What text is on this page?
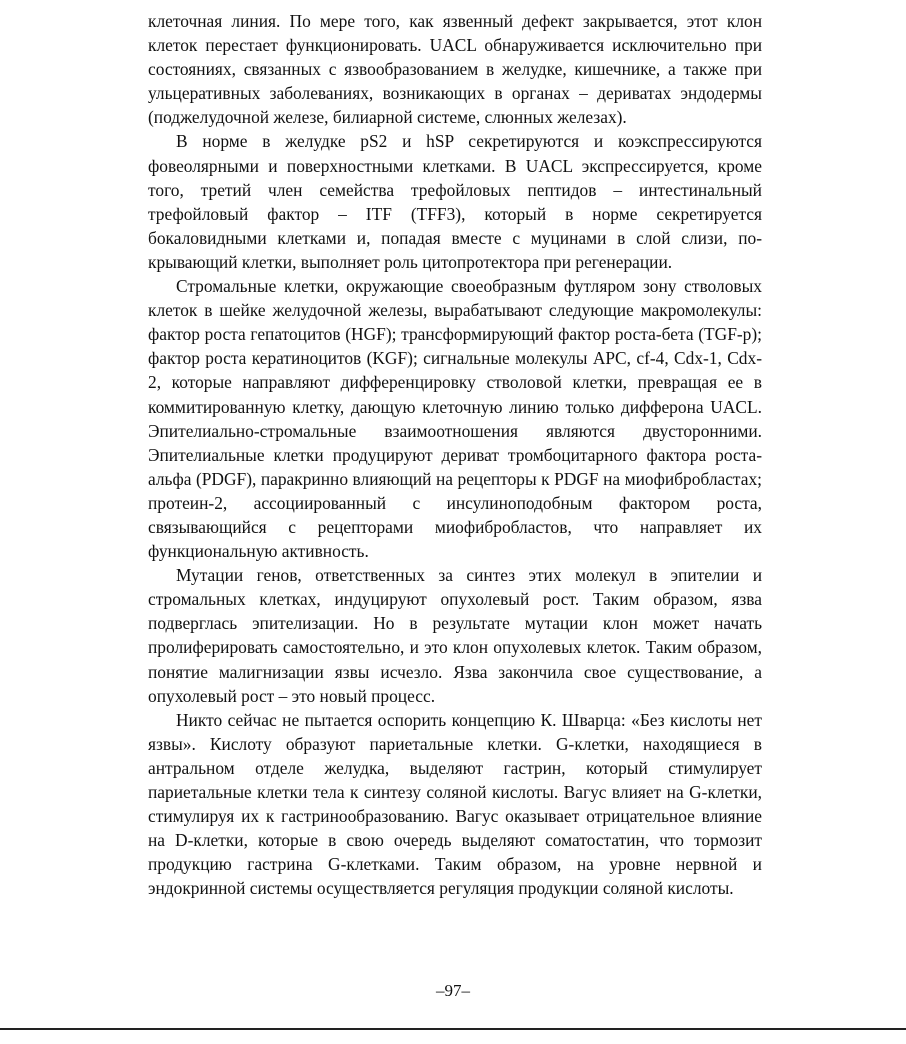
клеточная линия. По мере того, как язвенный дефект закрывается, этот клон клеток перестает функционировать. UACL обнаруживается исключительно при состояниях, связанных с язвообразованием в желудке, кишечнике, а также при ульцеративных заболеваниях, возникающих в органах – дериватах эндодермы (поджелудочной железе, билиарной системе, слюнных железах).

В норме в желудке pS2 и hSP секретируются и коэкспрессируются фовеолярными и поверхностными клетками. В UACL экспрессируется, кроме того, третий член семейства трефойловых пептидов – интестинальный трефойловый фактор – ITF (TFF3), который в норме секретируется бокаловидными клетками и, попадая вместе с муцинами в слой слизи, покрывающий клетки, выполняет роль цитопротектора при регенерации.

Стромальные клетки, окружающие своеобразным футляром зону стволовых клеток в шейке желудочной железы, вырабатывают следующие макромолекулы: фактор роста гепатоцитов (HGF); трансформирующий фактор роста-бета (TGF-p); фактор роста кератиноцитов (KGF); сигнальные молекулы APC, cf-4, Cdx-1, Cdx-2, которые направляют дифференцировку стволовой клетки, превращая ее в коммитированную клетку, дающую клеточную линию только дифферона UACL. Эпителиально-стромальные взаимоотношения являются двусторонними. Эпителиальные клетки продуцируют дериват тромбоцитарного фактора роста-альфа (PDGF), паракринно влияющий на рецепторы к PDGF на миофибробластах; протеин-2, ассоциированный с инсулиноподобным фактором роста, связывающийся с рецепторами миофибробластов, что направляет их функциональную активность.

Мутации генов, ответственных за синтез этих молекул в эпителии и стромальных клетках, индуцируют опухолевый рост. Таким образом, язва подверглась эпителизации. Но в результате мутации клон может начать пролиферировать самостоятельно, и это клон опухолевых клеток. Таким образом, понятие малигнизации язвы исчезло. Язва закончила свое существование, а опухолевый рост – это новый процесс.

Никто сейчас не пытается оспорить концепцию К. Шварца: «Без кислоты нет язвы». Кислоту образуют париетальные клетки. G-клетки, находящиеся в антральном отделе желудка, выделяют гастрин, который стимулирует париетальные клетки тела к синтезу соляной кислоты. Вагус влияет на G-клетки, стимулируя их к гастринообразованию. Вагус оказывает отрицательное влияние на D-клетки, которые в свою очередь выделяют соматостатин, что тормозит продукцию гастрина G-клетками. Таким образом, на уровне нервной и эндокринной системы осуществляется регуляция продукции соляной кислоты.

–97–
